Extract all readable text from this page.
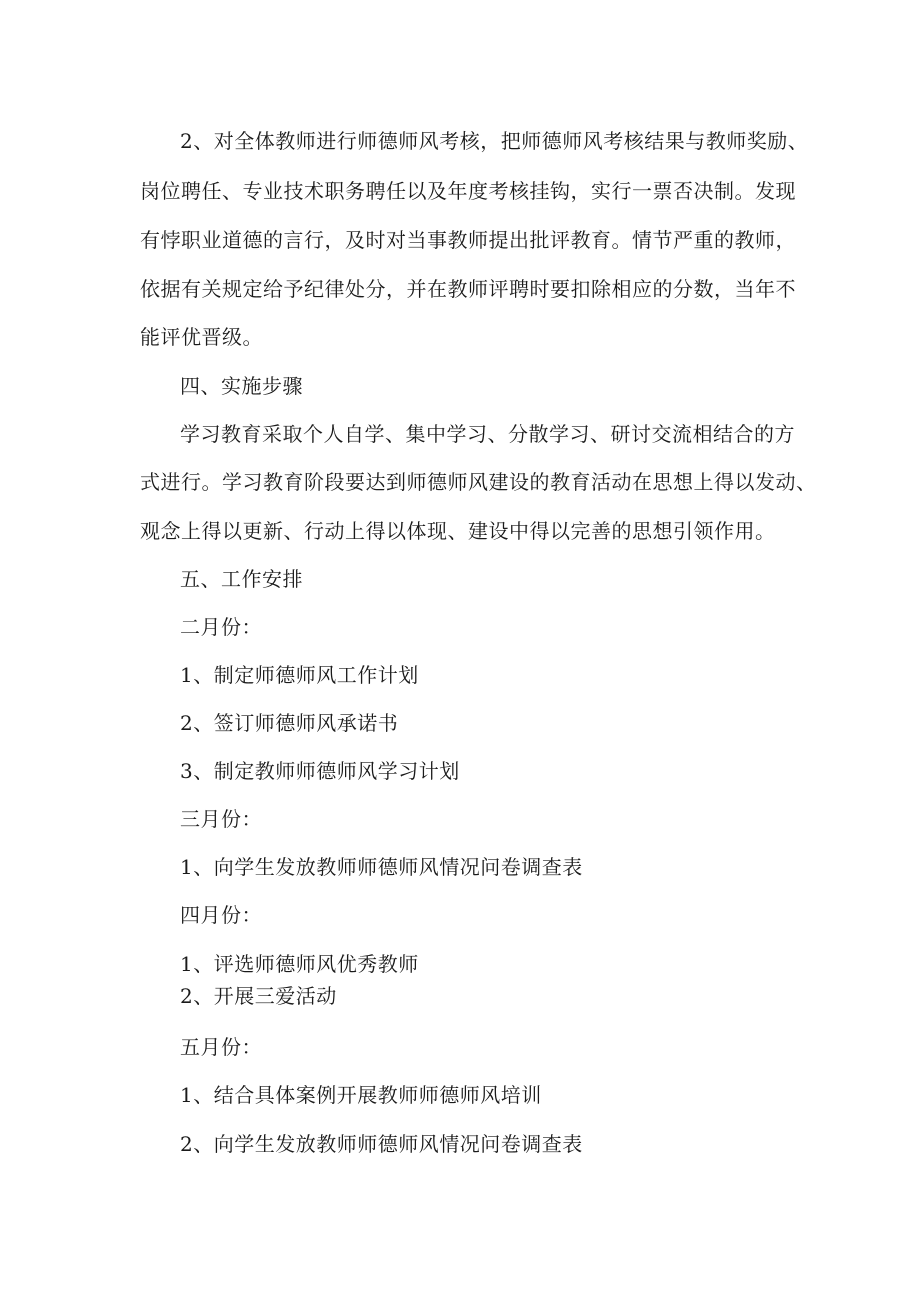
2、对全体教师进行师德师风考核，把师德师风考核结果与教师奖励、
岗位聘任、专业技术职务聘任以及年度考核挂钩，实行一票否决制。发现
有悖职业道德的言行，及时对当事教师提出批评教育。情节严重的教师，
依据有关规定给予纪律处分，并在教师评聘时要扣除相应的分数，当年不
能评优晋级。
四、实施步骤
学习教育采取个人自学、集中学习、分散学习、研讨交流相结合的方
式进行。学习教育阶段要达到师德师风建设的教育活动在思想上得以发动、
观念上得以更新、行动上得以体现、建设中得以完善的思想引领作用。
五、工作安排
二月份：
1、制定师德师风工作计划
2、签订师德师风承诺书
3、制定教师师德师风学习计划
三月份：
1、向学生发放教师师德师风情况问卷调查表
四月份：
1、评选师德师风优秀教师
2、开展三爱活动
五月份：
1、结合具体案例开展教师师德师风培训
2、向学生发放教师师德师风情况问卷调查表
